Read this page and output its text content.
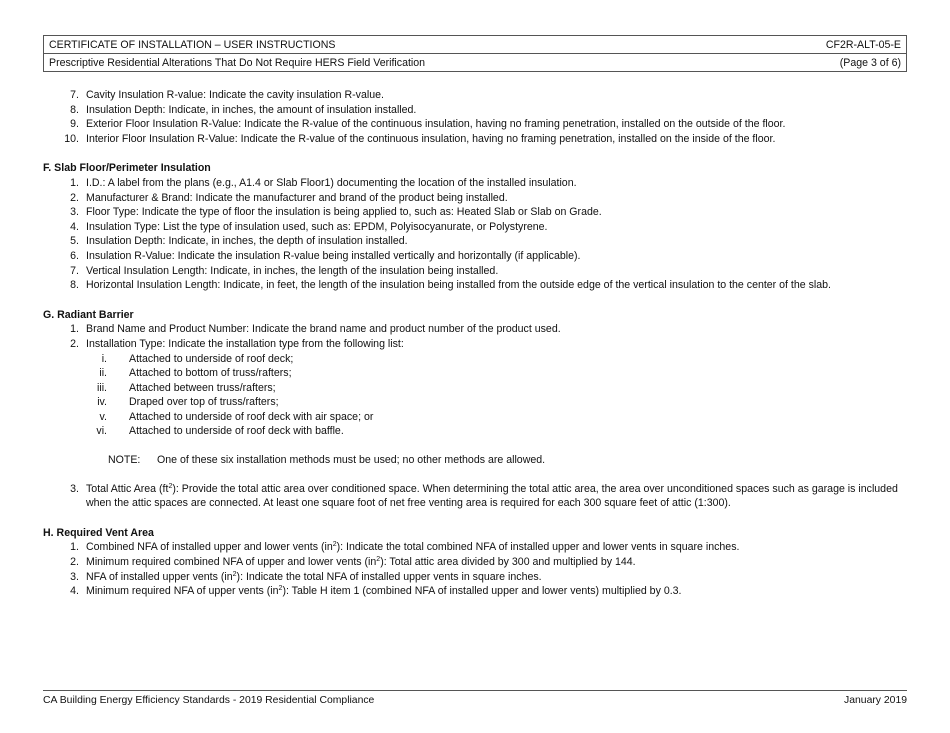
CERTIFICATE OF INSTALLATION – USER INSTRUCTIONS	CF2R-ALT-05-E
Prescriptive Residential Alterations That Do Not Require HERS Field Verification	(Page 3 of 6)
7. Cavity Insulation R-value: Indicate the cavity insulation R-value.
8. Insulation Depth: Indicate, in inches, the amount of insulation installed.
9. Exterior Floor Insulation R-Value: Indicate the R-value of the continuous insulation, having no framing penetration, installed on the outside of the floor.
10. Interior Floor Insulation R-Value: Indicate the R-value of the continuous insulation, having no framing penetration, installed on the inside of the floor.
F. Slab Floor/Perimeter Insulation
1. I.D.: A label from the plans (e.g., A1.4 or Slab Floor1) documenting the location of the installed insulation.
2. Manufacturer & Brand: Indicate the manufacturer and brand of the product being installed.
3. Floor Type: Indicate the type of floor the insulation is being applied to, such as: Heated Slab or Slab on Grade.
4. Insulation Type: List the type of insulation used, such as: EPDM, Polyisocyanurate, or Polystyrene.
5. Insulation Depth: Indicate, in inches, the depth of insulation installed.
6. Insulation R-Value: Indicate the insulation R-value being installed vertically and horizontally (if applicable).
7. Vertical Insulation Length: Indicate, in inches, the length of the insulation being installed.
8. Horizontal Insulation Length: Indicate, in feet, the length of the insulation being installed from the outside edge of the vertical insulation to the center of the slab.
G. Radiant Barrier
1. Brand Name and Product Number: Indicate the brand name and product number of the product used.
2. Installation Type: Indicate the installation type from the following list:
i.	Attached to underside of roof deck;
ii.	Attached to bottom of truss/rafters;
iii.	Attached between truss/rafters;
iv.	Draped over top of truss/rafters;
v.	Attached to underside of roof deck with air space; or
vi.	Attached to underside of roof deck with baffle.
NOTE:	One of these six installation methods must be used; no other methods are allowed.
3. Total Attic Area $(ft^2)$: Provide the total attic area over conditioned space. When determining the total attic area, the area over unconditioned spaces such as garage is included when the attic spaces are connected. At least one square foot of net free venting area is required for each 300 square feet of attic (1:300).
H. Required Vent Area
1. Combined NFA of installed upper and lower vents $(in^2)$: Indicate the total combined NFA of installed upper and lower vents in square inches.
2. Minimum required combined NFA of upper and lower vents $(in^2)$: Total attic area divided by 300 and multiplied by 144.
3. NFA of installed upper vents $(in^2)$: Indicate the total NFA of installed upper vents in square inches.
4. Minimum required NFA of upper vents $(in^2)$: Table H item 1 (combined NFA of installed upper and lower vents) multiplied by 0.3.
CA Building Energy Efficiency Standards - 2019 Residential Compliance	January 2019
